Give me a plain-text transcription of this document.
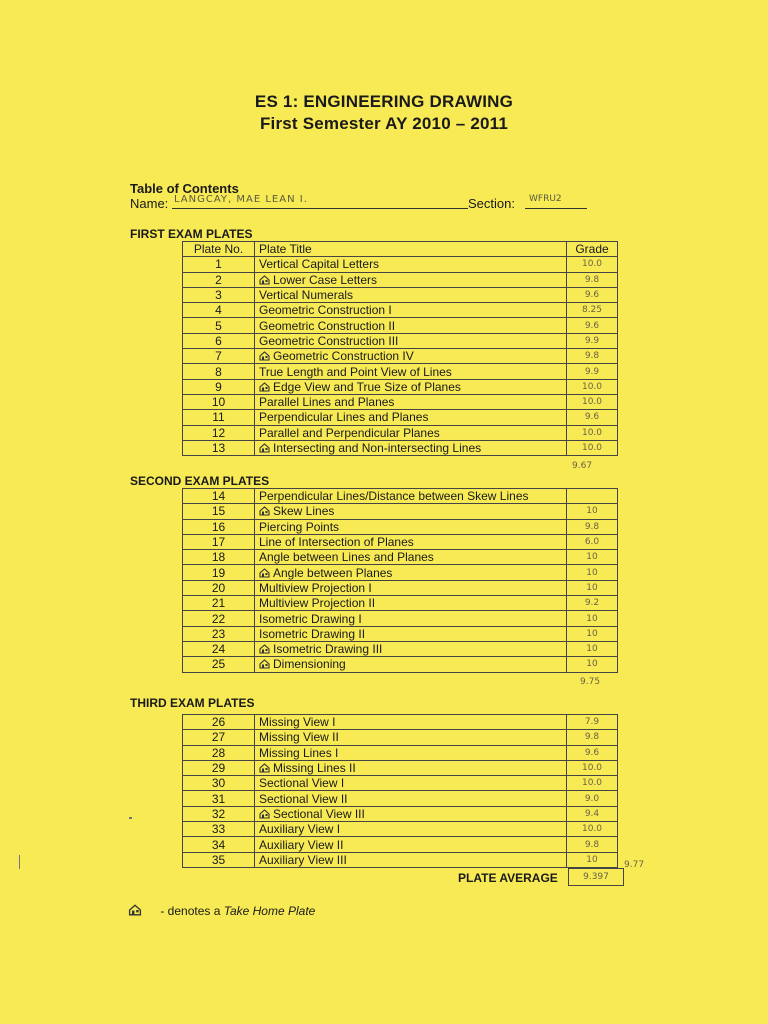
ES 1: ENGINEERING DRAWING
First Semester AY 2010 – 2011
Table of Contents
Name: LANGCAY, MAE LEAN I.	Section:	WFRU2
FIRST EXAM PLATES
Plate No.	Plate Title	Grade
1	Vertical Capital Letters	10.0
2	Lower Case Letters	9.8
3	Vertical Numerals	9.6
4	Geometric Construction I	8.25
5	Geometric Construction II	9.6
6	Geometric Construction III	9.9
7	Geometric Construction IV	9.8
8	True Length and Point View of Lines	9.9
9	Edge View and True Size of Planes	10.0
10	Parallel Lines and Planes	10.0
11	Perpendicular Lines and Planes	9.6
12	Parallel and Perpendicular Planes	10.0
13	Intersecting and Non-intersecting Lines	10.0
9.67
SECOND EXAM PLATES
14	Perpendicular Lines/Distance between Skew Lines	
15	Skew Lines	10
16	Piercing Points	9.8
17	Line of Intersection of Planes	6.0
18	Angle between Lines and Planes	10
19	Angle between Planes	10
20	Multiview Projection I	10
21	Multiview Projection II	9.2
22	Isometric Drawing I	10
23	Isometric Drawing II	10
24	Isometric Drawing III	10
25	Dimensioning	10
9.75
THIRD EXAM PLATES
26	Missing View I	7.9
27	Missing View II	9.8
28	Missing Lines I	9.6
29	Missing Lines II	10.0
30	Sectional View I	10.0
31	Sectional View II	9.0
32	Sectional View III	9.4
33	Auxiliary View I	10.0
34	Auxiliary View II	9.8
35	Auxiliary View III	10
9.77
PLATE AVERAGE	9.397
- denotes a Take Home Plate
